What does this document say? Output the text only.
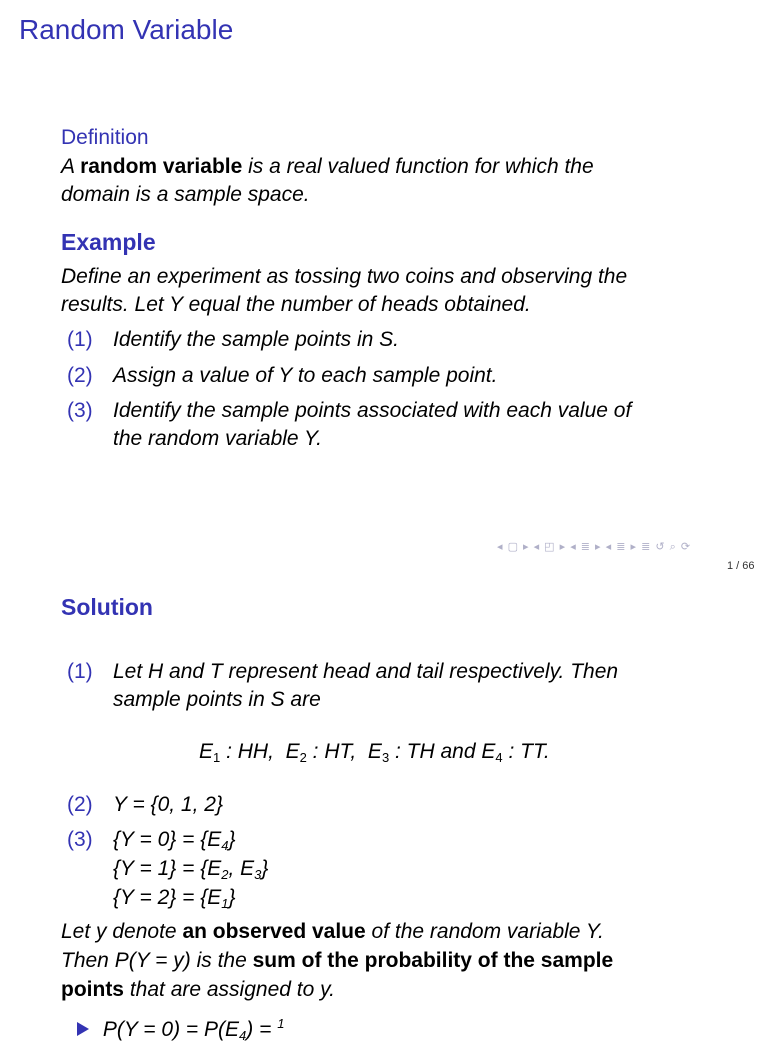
Random Variable
Definition
A random variable is a real valued function for which the
domain is a sample space.
Example
Define an experiment as tossing two coins and observing the
results. Let Y equal the number of heads obtained.
(1) Identify the sample points in S.
(2) Assign a value of Y to each sample point.
(3) Identify the sample points associated with each value of
the random variable Y.
◂ ▢ ▸ ◂ ◰ ▸ ◂ ≣ ▸ ◂ ≣ ▸ ≣ ↺ ⌕ ⟳
1 / 66
Solution
(1) Let H and T represent head and tail respectively. Then
sample points in S are
$E_1$ : HH, $E_2$ : HT, $E_3$ : TH and $E_4$ : TT.
(2) Y = {0, 1, 2}
(3) $\{Y = 0\} = \{E_4\}$
$\{Y = 1\} = \{E_2$, $E_3$}
$\{Y = 2\} = \{E_1\}$
Let y denote an observed value of the random variable Y.
Then P(Y = y) is the sum of the probability of the sample
points that are assigned to y.
$P(Y = 0) = P(E_4) = ^1$
